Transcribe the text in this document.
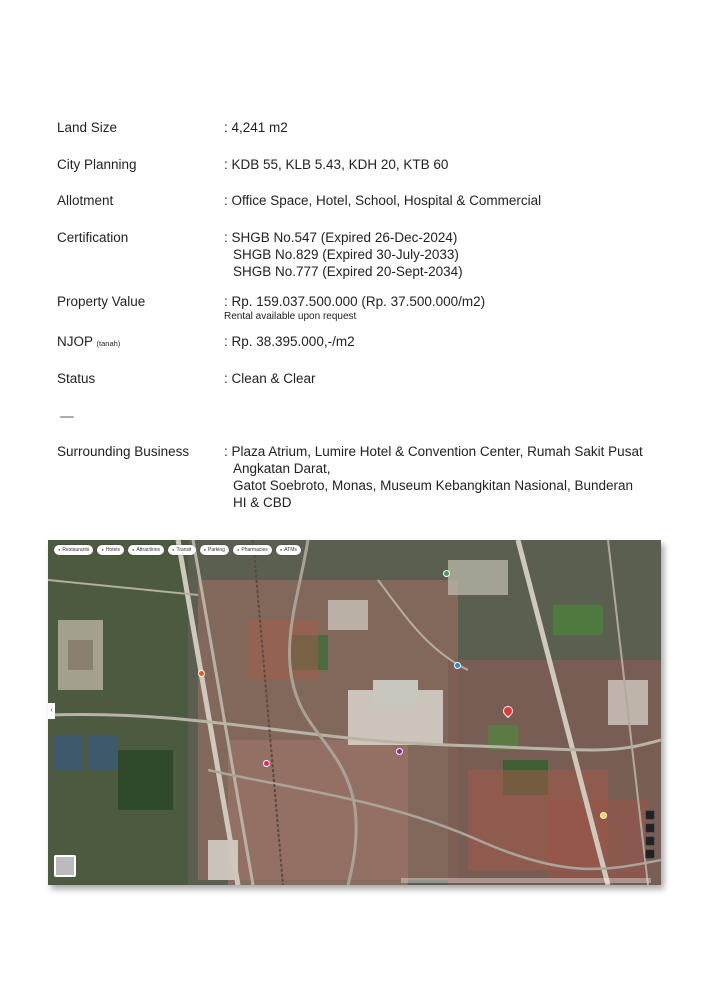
Land Size	: 4,241 m2
City Planning	: KDB 55, KLB 5.43, KDH 20, KTB 60
Allotment	: Office Space, Hotel, School, Hospital & Commercial
Certification	: SHGB No.547 (Expired 26-Dec-2024)
SHGB No.829 (Expired 30-July-2033)
SHGB No.777 (Expired 20-Sept-2034)
Property Value	: Rp. 159.037.500.000 (Rp. 37.500.000/m2)
Rental available upon request
NJOP (tanah)	: Rp. 38.395.000,-/m2
Status	: Clean & Clear
Surrounding Business	: Plaza Atrium, Lumire Hotel & Convention Center, Rumah Sakit Pusat
Angkatan Darat,
Gatot Soebroto, Monas, Museum Kebangkitan Nasional, Bunderan
HI & CBD
● Restaurants	● Hotels	● Attractions	● Transit	● Parking	● Pharmacies	● ATMs
‹
